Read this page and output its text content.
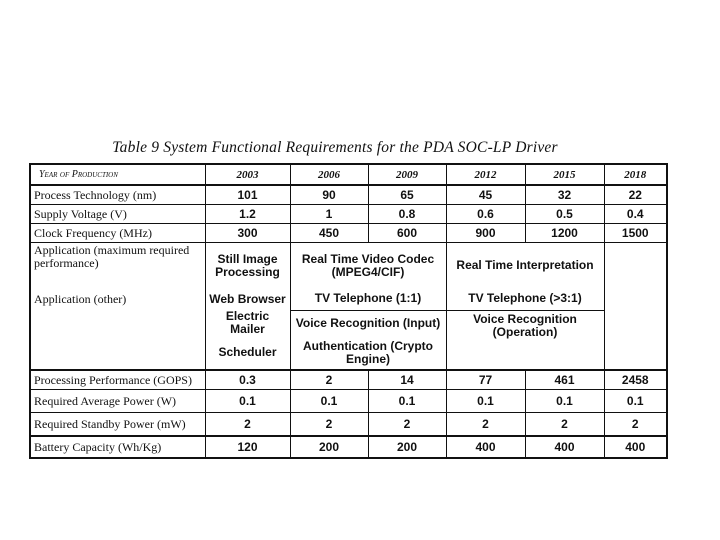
Table 9 System Functional Requirements for the PDA SOC-LP Driver
Year of Production	2003	2006	2009	2012	2015	2018
Process Technology (nm)	101	90	65	45	32	22
Supply Voltage (V)	1.2	1	0.8	0.6	0.5	0.4
Clock Frequency (MHz)	300	450	600	900	1200	1500
Application (maximum required performance)	Still Image Processing	Real Time Video Codec (MPEG4/CIF)		Real Time Interpretation		
Application (other)	Web Browser	TV Telephone (1:1)		TV Telephone (>3:1)		
	Electric Mailer	Voice Recognition (Input)		Voice Recognition (Operation)		
	Scheduler	Authentication (Crypto Engine)				
Processing Performance (GOPS)	0.3	2	14	77	461	2458
Required Average Power (W)	0.1	0.1	0.1	0.1	0.1	0.1
Required Standby Power (mW)	2	2	2	2	2	2
Battery Capacity (Wh/Kg)	120	200	200	400	400	400
